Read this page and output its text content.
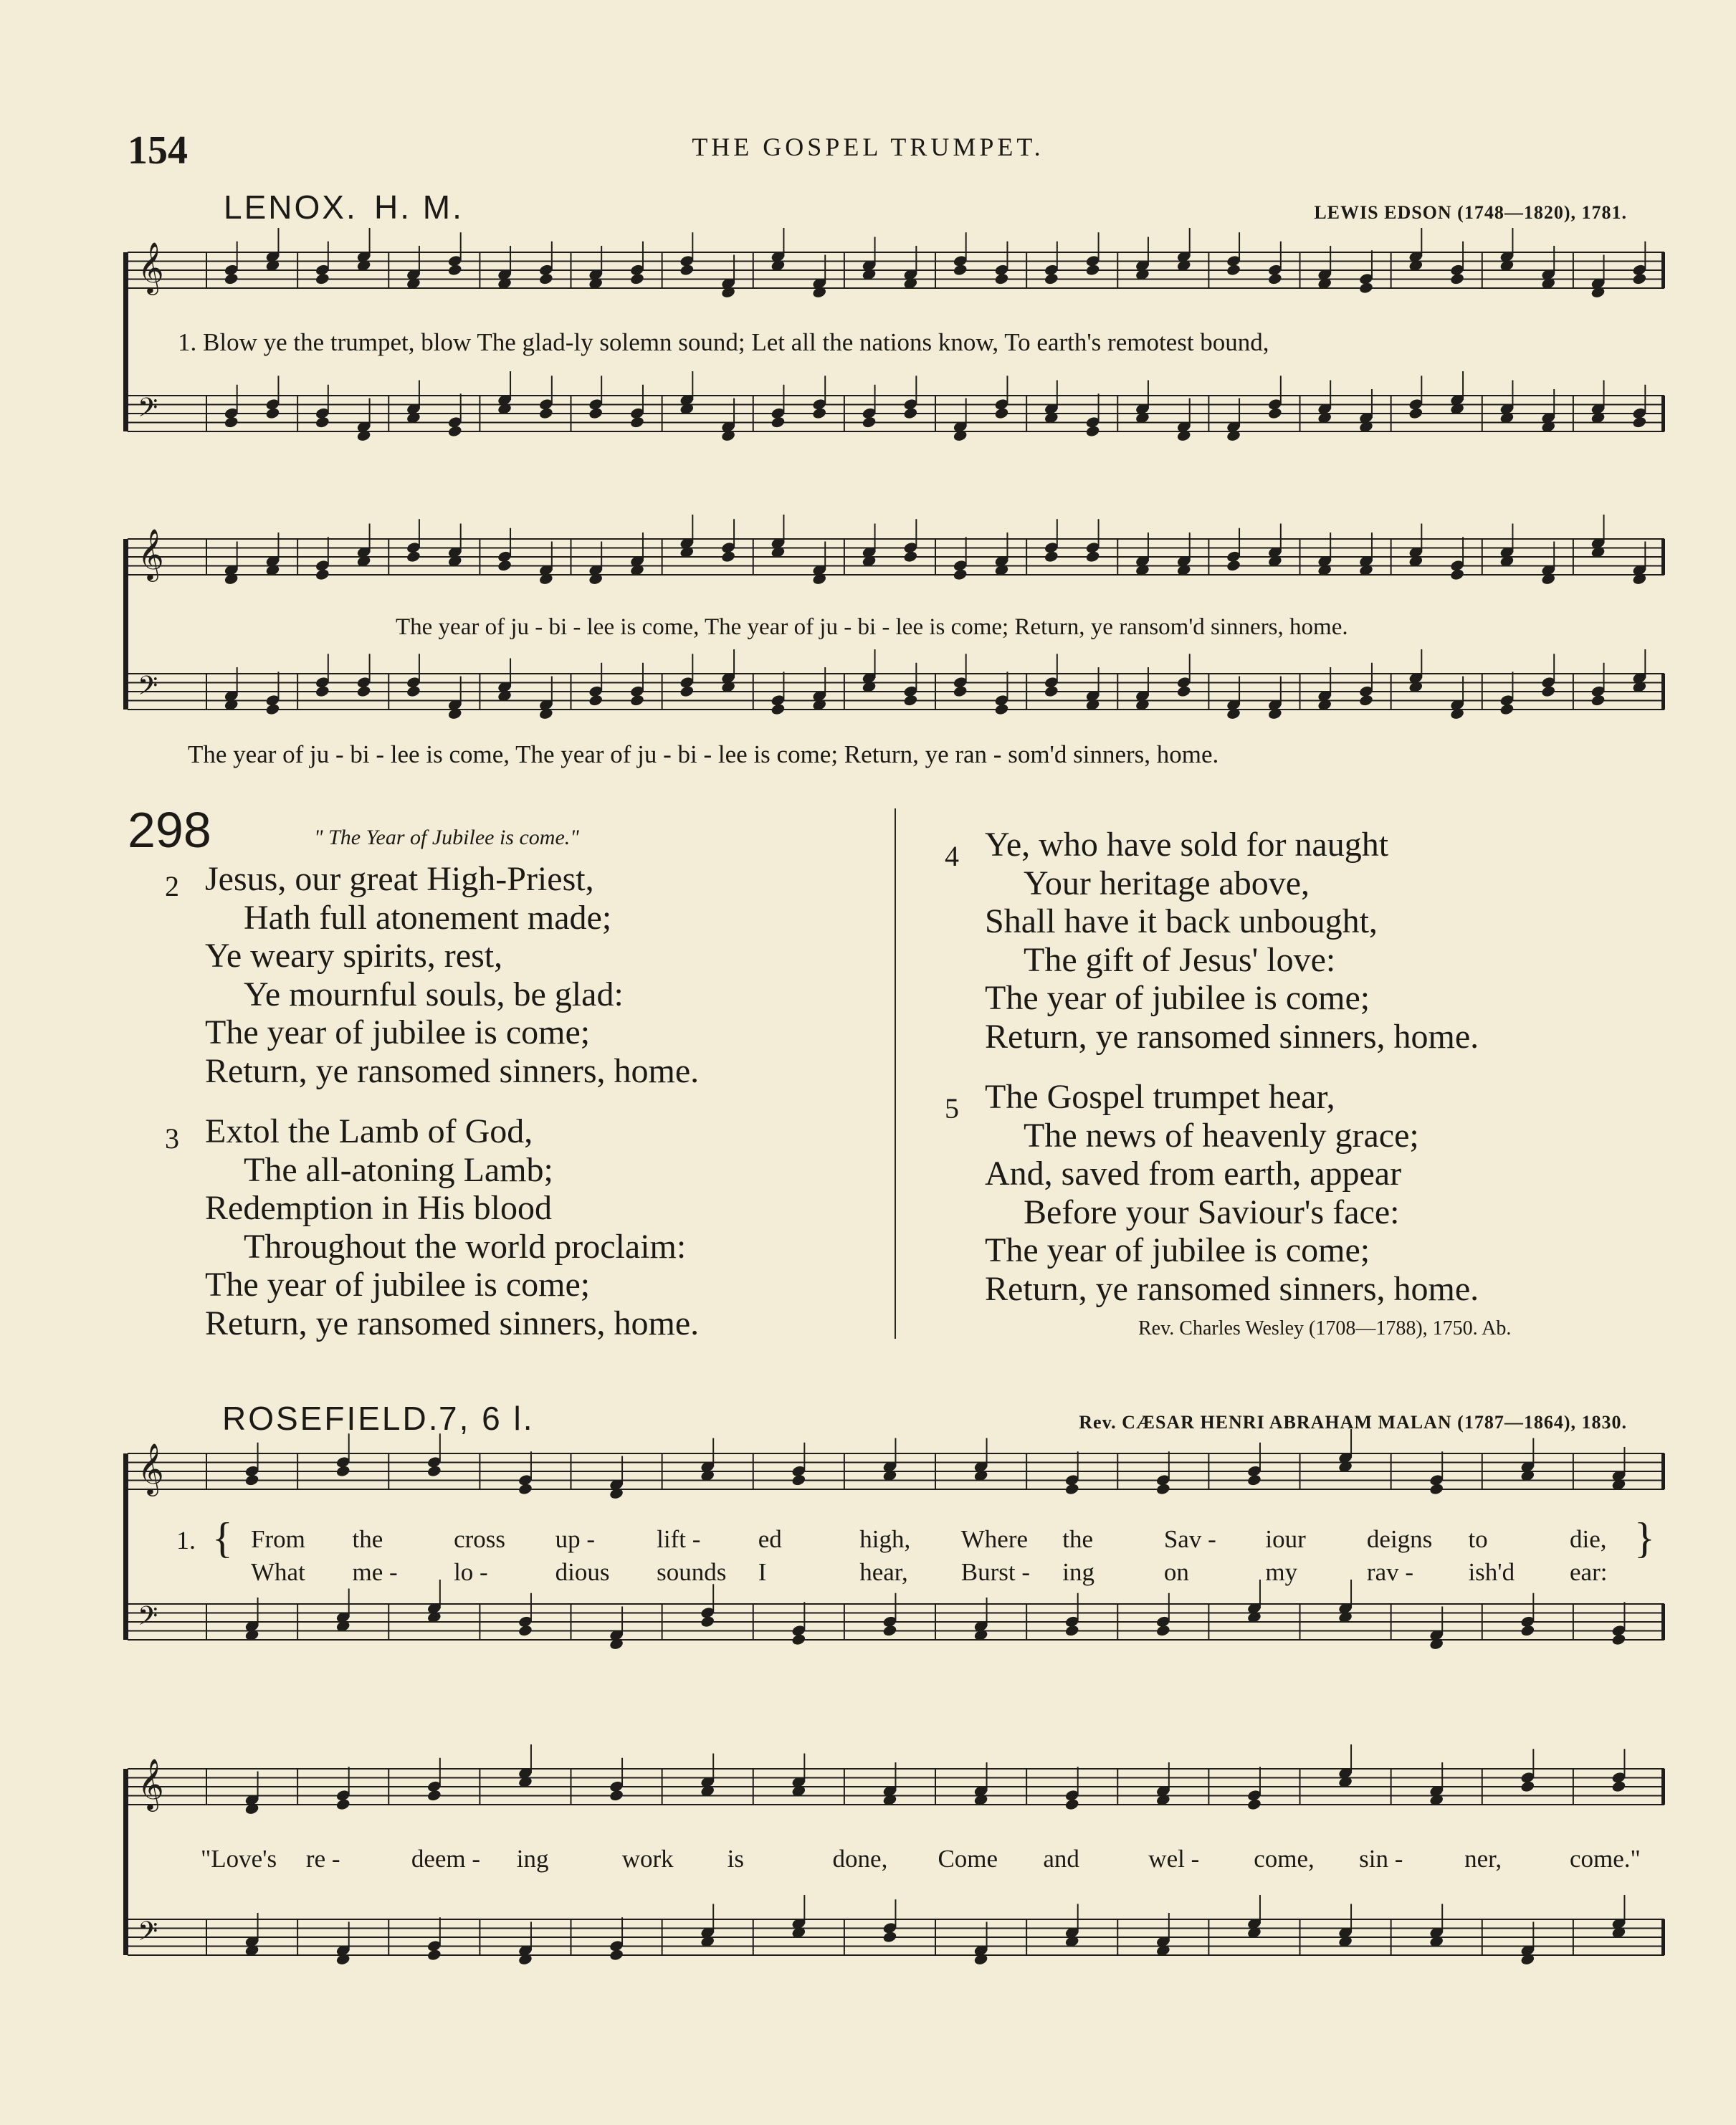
154	THE GOSPEL TRUMPET.
LENOX. H. M.	LEWIS EDSON (1748—1820), 1781.
𝄞
𝄢
𝄞
𝄢
𝄞
𝄢
𝄞
𝄢
1. Blow ye the trumpet, blow The glad-ly solemn sound; Let all the nations know, To earth's remotest bound,
The year of ju - bi - lee is come, The year of ju - bi - lee is come; Return, ye ransom'd sinners, home.
The year of ju - bi - lee is come, The year of ju - bi - lee is come; Return, ye ran - som'd sinners, home.
298	" The Year of Jubilee is come."
2 Jesus, our great High-Priest,
Hath full atonement made;
Ye weary spirits, rest,
Ye mournful souls, be glad:
The year of jubilee is come;
Return, ye ransomed sinners, home.
3 Extol the Lamb of God,
The all-atoning Lamb;
Redemption in His blood
Throughout the world proclaim:
The year of jubilee is come;
Return, ye ransomed sinners, home.
4 Ye, who have sold for naught
Your heritage above,
Shall have it back unbought,
The gift of Jesus' love:
The year of jubilee is come;
Return, ye ransomed sinners, home.
5 The Gospel trumpet hear,
The news of heavenly grace;
And, saved from earth, appear
Before your Saviour's face:
The year of jubilee is come;
Return, ye ransomed sinners, home.
Rev. Charles Wesley (1708—1788), 1750. Ab.
ROSEFIELD.
7, 6 l.	Rev. CÆSAR HENRI ABRAHAM MALAN (1787—1864), 1830.
1. {	}
From the	cross up - lift - ed	high, Where the	Sav - iour deigns to	die,
What me - lo -	dious sounds I	hear, Burst - ing	on	my	rav - ish'd ear:
"Love's re -	deem - ing	work is	done, Come and	wel - come, sin - ner,	come."
